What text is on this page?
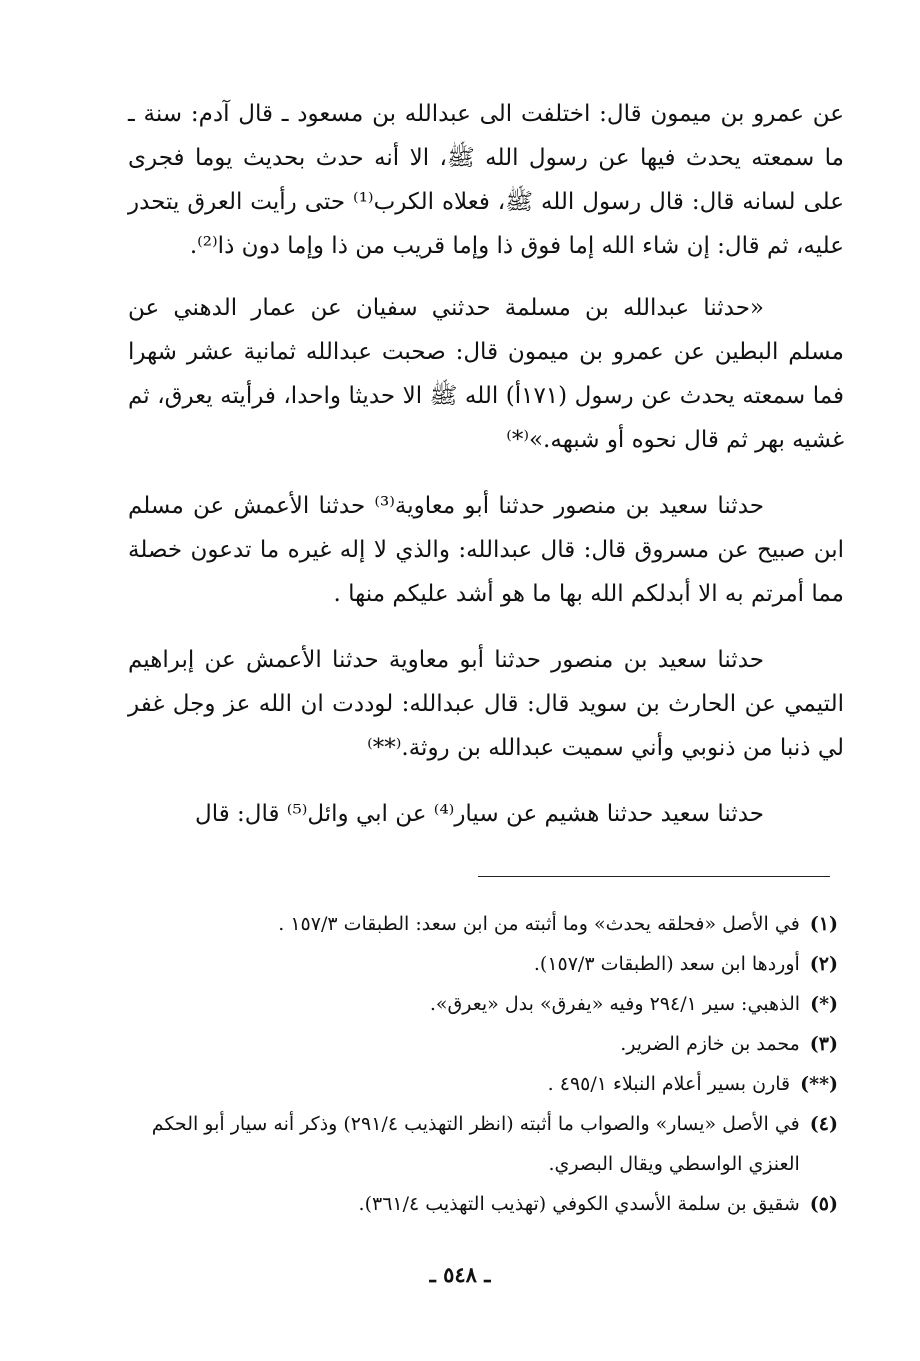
عن عمرو بن ميمون قال: اختلفت الى عبدالله بن مسعود ـ قال آدم: سنة ـ ما سمعته يحدث فيها عن رسول الله ﷺ، الا أنه حدث بحديث يوما فجرى على لسانه قال: قال رسول الله ﷺ، فعلاه الكرب⁽¹⁾ حتى رأيت العرق يتحدر عليه، ثم قال: إن شاء الله إما فوق ذا وإما قريب من ذا وإما دون ذا⁽²⁾.

«حدثنا عبدالله بن مسلمة حدثني سفيان عن عمار الدهني عن مسلم البطين عن عمرو بن ميمون قال: صحبت عبدالله ثمانية عشر شهرا فما سمعته يحدث عن رسول (١٧١أ) الله ﷺ الا حديثا واحدا، فرأيته يعرق، ثم غشيه بهر ثم قال نحوه أو شبهه.»⁽*⁾

حدثنا سعيد بن منصور حدثنا أبو معاوية⁽³⁾ حدثنا الأعمش عن مسلم ابن صبيح عن مسروق قال: قال عبدالله: والذي لا إله غيره ما تدعون خصلة مما أمرتم به الا أبدلكم الله بها ما هو أشد عليكم منها .

حدثنا سعيد بن منصور حدثنا أبو معاوية حدثنا الأعمش عن إبراهيم التيمي عن الحارث بن سويد قال: قال عبدالله: لوددت ان الله عز وجل غفر لي ذنبا من ذنوبي وأني سميت عبدالله بن روثة.⁽**⁾

حدثنا سعيد حدثنا هشيم عن سيار⁽⁴⁾ عن ابي وائل⁽⁵⁾ قال: قال

(١)
في الأصل «فحلقه يحدث» وما أثبته من ابن سعد: الطبقات ١٥٧/٣ .
(٢)
أوردها ابن سعد (الطبقات ١٥٧/٣).
(*)
الذهبي: سير ٢٩٤/١ وفيه «يفرق» بدل «يعرق».
(٣)
محمد بن خازم الضرير.
(**)
قارن بسير أعلام النبلاء ٤٩٥/١ .
(٤)
في الأصل «يسار» والصواب ما أثبته (انظر التهذيب ٢٩١/٤) وذكر أنه سيار أبو الحكم العنزي الواسطي ويقال البصري.
(٥)
شقيق بن سلمة الأسدي الكوفي (تهذيب التهذيب ٣٦١/٤).
ـ ٥٤٨ ـ
